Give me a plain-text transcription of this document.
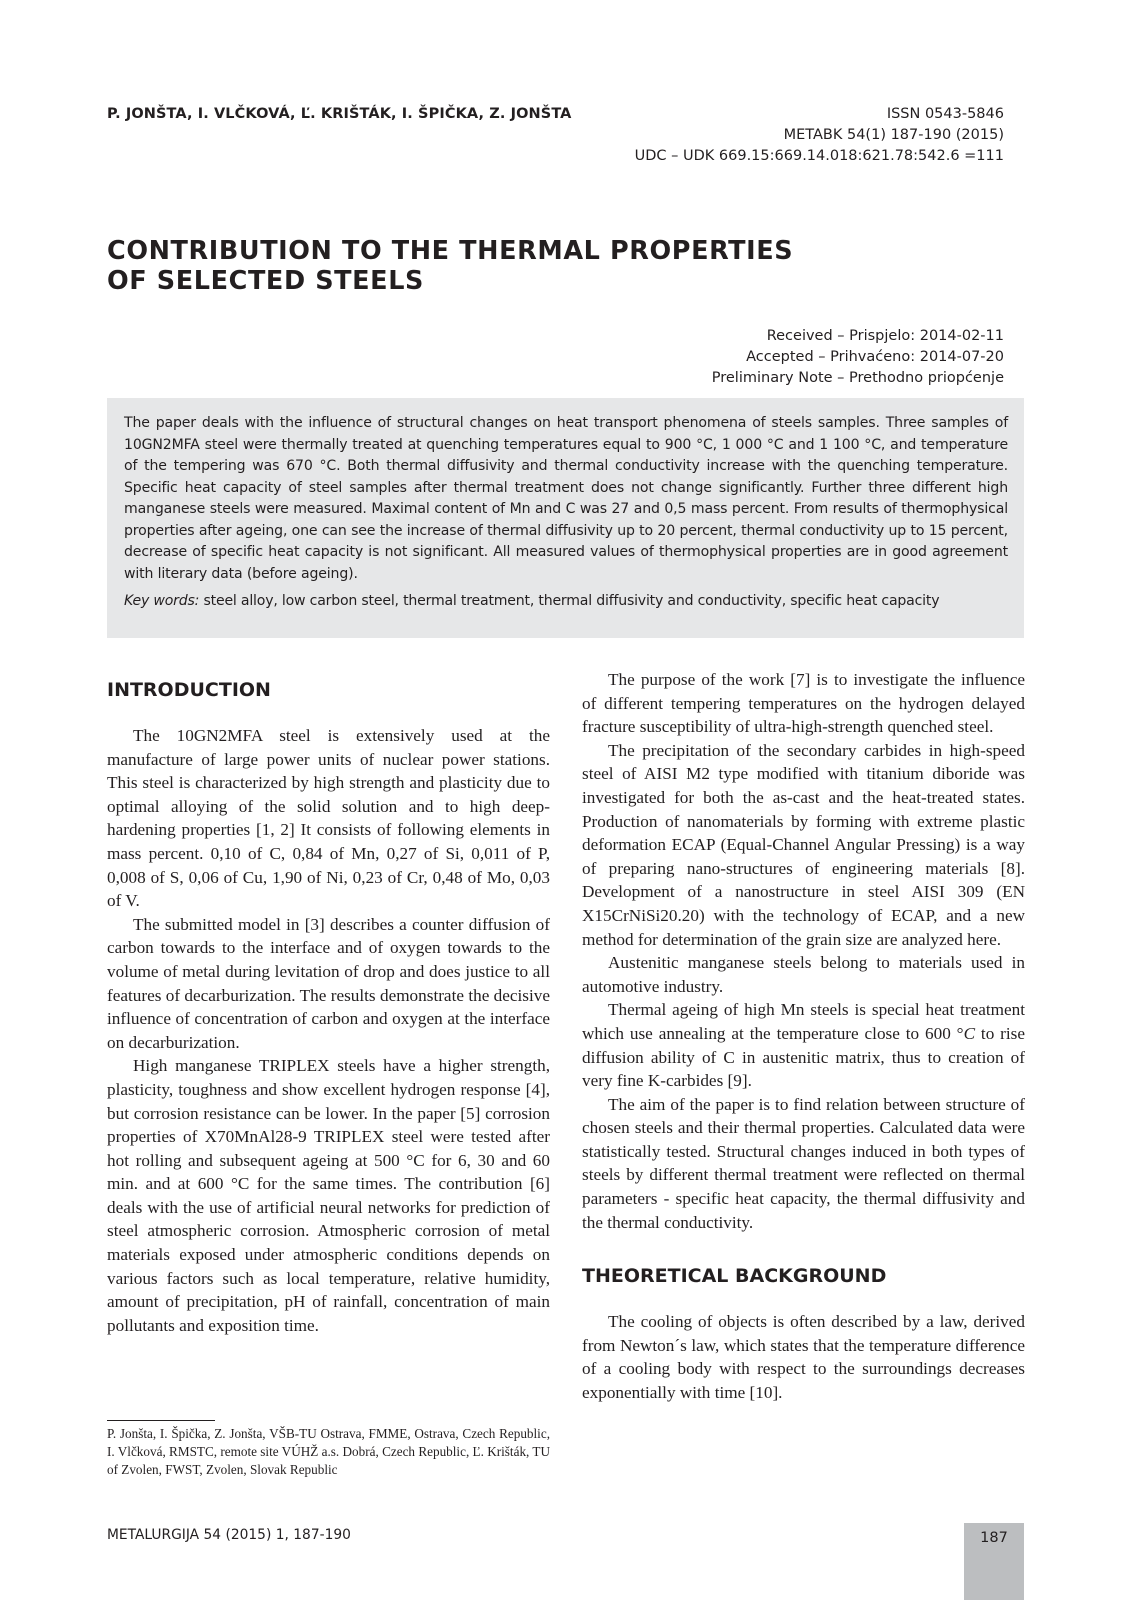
P. JONŠTA, I. VLČKOVÁ, Ľ. KRIŠTÁK, I. ŠPIČKA, Z. JONŠTA	ISSN 0543-5846
METABK 54(1) 187-190 (2015)
UDC – UDK 669.15:669.14.018:621.78:542.6 =111
CONTRIBUTION TO THE THERMAL PROPERTIES
OF SELECTED STEELS
Received – Prispjelo: 2014-02-11
Accepted – Prihvaćeno: 2014-07-20
Preliminary Note – Prethodno priopćenje

The paper deals with the influence of structural changes on heat transport phenomena of steels samples. Three samples of 10GN2MFA steel were thermally treated at quenching temperatures equal to 900 °C, 1 000 °C and 1 100 °C, and temperature of the tempering was 670 °C. Both thermal diffusivity and thermal conductivity increase with the quenching temperature. Specific heat capacity of steel samples after thermal treatment does not change significantly. Further three different high manganese steels were measured. Maximal content of Mn and C was 27 and 0,5 mass percent. From results of thermophysical properties after ageing, one can see the increase of thermal diffusivity up to 20 percent, thermal conductivity up to 15 percent, decrease of specific heat capacity is not significant. All measured values of thermophysical properties are in good agreement with literary data (before ageing).

Key words: steel alloy, low carbon steel, thermal treatment, thermal diffusivity and conductivity, specific heat capacity

INTRODUCTION

The 10GN2MFA steel is extensively used at the manufacture of large power units of nuclear power stations. This steel is characterized by high strength and plasticity due to optimal alloying of the solid solution and to high deep-hardening properties [1, 2] It consists of following elements in mass percent. 0,10 of C, 0,84 of Mn, 0,27 of Si, 0,011 of P, 0,008 of S, 0,06 of Cu, 1,90 of Ni, 0,23 of Cr, 0,48 of Mo, 0,03 of V.

The submitted model in [3] describes a counter diffusion of carbon towards to the interface and of oxygen towards to the volume of metal during levitation of drop and does justice to all features of decarburization. The results demonstrate the decisive influence of concentration of carbon and oxygen at the interface on decarburization.

High manganese TRIPLEX steels have a higher strength, plasticity, toughness and show excellent hydrogen response [4], but corrosion resistance can be lower. In the paper [5] corrosion properties of X70MnAl28-9 TRIPLEX steel were tested after hot rolling and subsequent ageing at 500 °C for 6, 30 and 60 min. and at 600 °C for the same times. The contribution [6] deals with the use of artificial neural networks for prediction of steel atmospheric corrosion. Atmospheric corrosion of metal materials exposed under atmospheric conditions depends on various factors such as local temperature, relative humidity, amount of precipitation, pH of rainfall, concentration of main pollutants and exposition time.

The purpose of the work [7] is to investigate the influence of different tempering temperatures on the hydrogen delayed fracture susceptibility of ultra-high-strength quenched steel.

The precipitation of the secondary carbides in high-speed steel of AISI M2 type modified with titanium diboride was investigated for both the as-cast and the heat-treated states. Production of nanomaterials by forming with extreme plastic deformation ECAP (Equal-Channel Angular Pressing) is a way of preparing nano-structures of engineering materials [8]. Development of a nanostructure in steel AISI 309 (EN X15CrNiSi20.20) with the technology of ECAP, and a new method for determination of the grain size are analyzed here.

Austenitic manganese steels belong to materials used in automotive industry.

Thermal ageing of high Mn steels is special heat treatment which use annealing at the temperature close to 600 °C to rise diffusion ability of C in austenitic matrix, thus to creation of very fine K-carbides [9].

The aim of the paper is to find relation between structure of chosen steels and their thermal properties. Calculated data were statistically tested. Structural changes induced in both types of steels by different thermal treatment were reflected on thermal parameters - specific heat capacity, the thermal diffusivity and the thermal conductivity.

THEORETICAL BACKGROUND

The cooling of objects is often described by a law, derived from Newton´s law, which states that the temperature difference of a cooling body with respect to the surroundings decreases exponentially with time [10].

P. Jonšta, I. Špička, Z. Jonšta, VŠB-TU Ostrava, FMME, Ostrava, Czech Republic, I. Vlčková, RMSTC, remote site VÚHŽ a.s. Dobrá, Czech Republic, Ľ. Krišták, TU of Zvolen, FWST, Zvolen, Slovak Republic

METALURGIJA 54 (2015) 1, 187-190	187
